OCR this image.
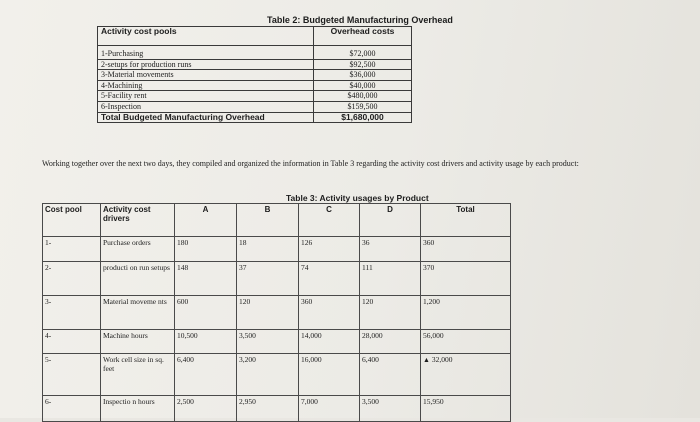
Table 2: Budgeted Manufacturing Overhead
Activity cost pools	Overhead costs
1-Purchasing	$72,000
2-setups for production runs	$92,500
3-Material movements	$36,000
4-Machining	$40,000
5-Facility rent	$480,000
6-Inspection	$159,500
Total Budgeted Manufacturing Overhead	$1,680,000
Working together over the next two days, they compiled and organized the information in Table 3 regarding the activity cost drivers and activity usage by each product:
Table 3: Activity usages by Product
Cost pool	Activity cost drivers	A	B	C	D	Total
1-	Purchase orders	180	18	126	36	360
2-	producti on run setups	148	37	74	111	370
3-	Material moveme nts	600	120	360	120	1,200
4-	Machine hours	10,500	3,500	14,000	28,000	56,000
5-	Work cell size in sq. feet	6,400	3,200	16,000	6,400	▲ 32,000
6-	Inspectio n hours	2,500	2,950	7,000	3,500	15,950
